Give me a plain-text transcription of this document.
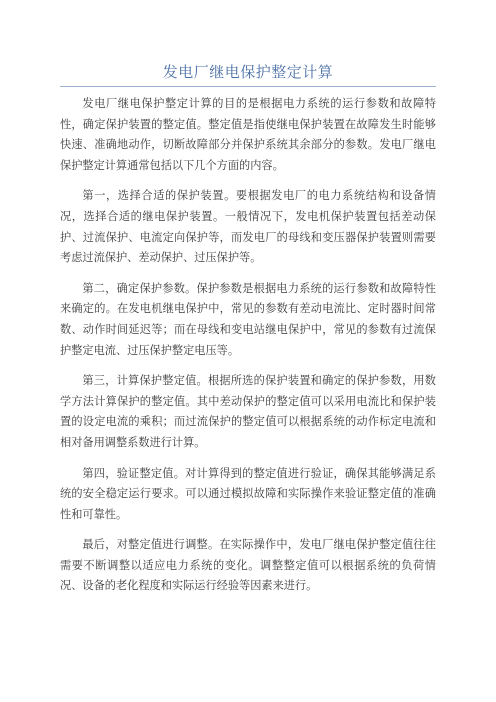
发电厂继电保护整定计算

发电厂继电保护整定计算的目的是根据电力系统的运行参数和故障特性，确定保护装置的整定值。整定值是指使继电保护装置在故障发生时能够快速、准确地动作，切断故障部分并保护系统其余部分的参数。发电厂继电保护整定计算通常包括以下几个方面的内容。

第一，选择合适的保护装置。要根据发电厂的电力系统结构和设备情况，选择合适的继电保护装置。一般情况下，发电机保护装置包括差动保护、过流保护、电流定向保护等，而发电厂的母线和变压器保护装置则需要考虑过流保护、差动保护、过压保护等。

第二，确定保护参数。保护参数是根据电力系统的运行参数和故障特性来确定的。在发电机继电保护中，常见的参数有差动电流比、定时器时间常数、动作时间延迟等；而在母线和变电站继电保护中，常见的参数有过流保护整定电流、过压保护整定电压等。

第三，计算保护整定值。根据所选的保护装置和确定的保护参数，用数学方法计算保护的整定值。其中差动保护的整定值可以采用电流比和保护装置的设定电流的乘积；而过流保护的整定值可以根据系统的动作标定电流和相对备用调整系数进行计算。

第四，验证整定值。对计算得到的整定值进行验证，确保其能够满足系统的安全稳定运行要求。可以通过模拟故障和实际操作来验证整定值的准确性和可靠性。

最后，对整定值进行调整。在实际操作中，发电厂继电保护整定值往往需要不断调整以适应电力系统的变化。调整整定值可以根据系统的负荷情况、设备的老化程度和实际运行经验等因素来进行。
